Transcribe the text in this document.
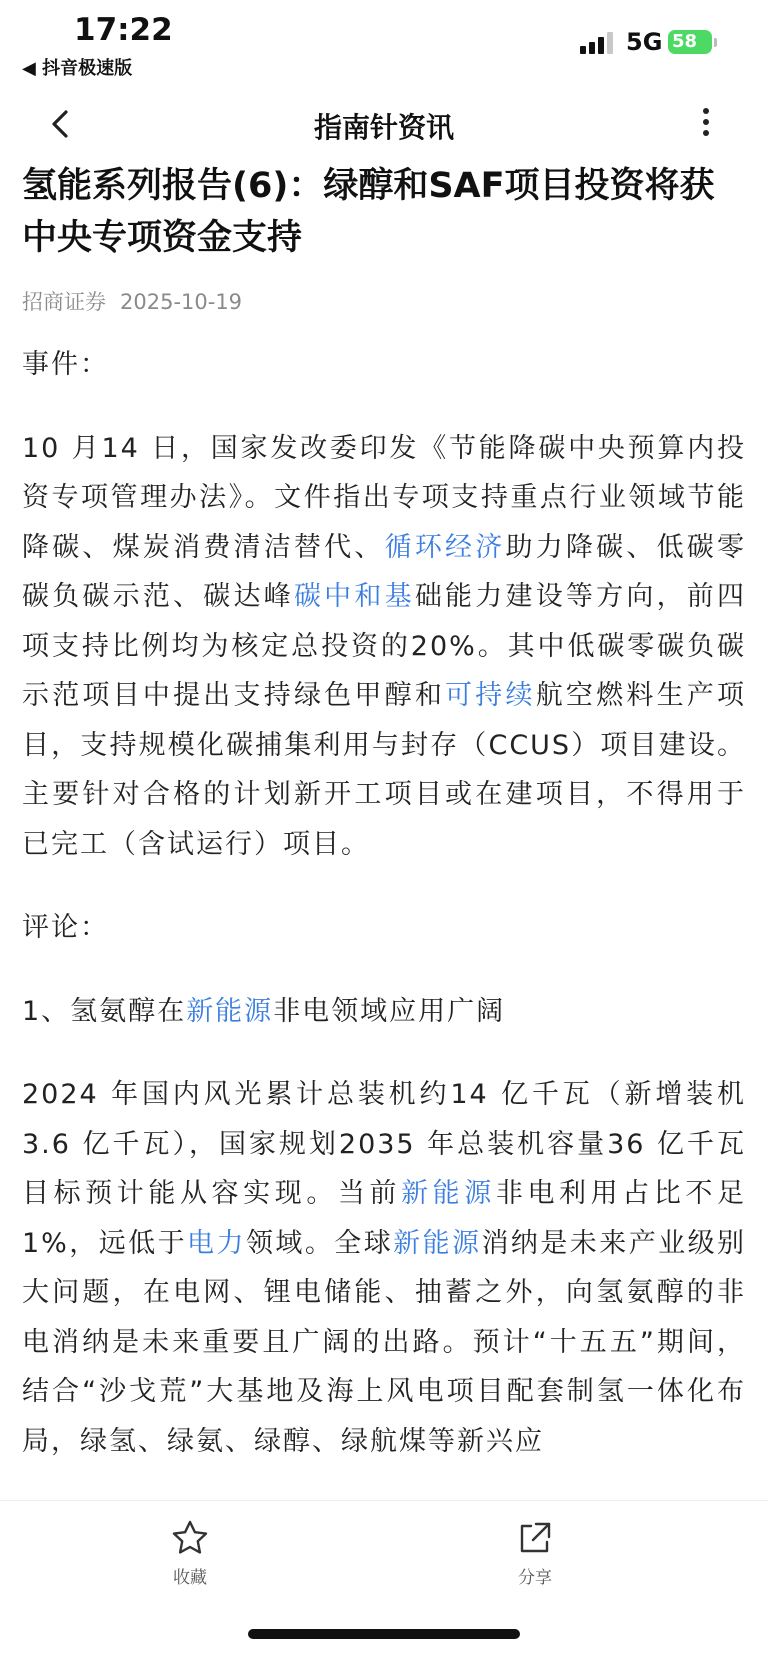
17:22
◀ 抖音极速版
5G 58
指南针资讯
氢能系列报告(6)：绿醇和SAF项目投资将获中央专项资金支持
招商证券 2025-10-19

事件：

10 月14 日，国家发改委印发《节能降碳中央预算内投资专项管理办法》。文件指出专项支持重点行业领域节能降碳、煤炭消费清洁替代、循环经济助力降碳、低碳零碳负碳示范、碳达峰碳中和基础能力建设等方向，前四项支持比例均为核定总投资的20%。其中低碳零碳负碳示范项目中提出支持绿色甲醇和可持续航空燃料生产项目，支持规模化碳捕集利用与封存（CCUS）项目建设。主要针对合格的计划新开工项目或在建项目，不得用于已完工（含试运行）项目。

评论：

1、氢氨醇在新能源非电领域应用广阔

2024 年国内风光累计总装机约14 亿千瓦（新增装机3.6 亿千瓦），国家规划2035 年总装机容量36 亿千瓦目标预计能从容实现。当前新能源非电利用占比不足1%，远低于电力领域。全球新能源消纳是未来产业级别大问题，在电网、锂电储能、抽蓄之外，向氢氨醇的非电消纳是未来重要且广阔的出路。预计“十五五”期间，结合“沙戈荒”大基地及海上风电项目配套制氢一体化布局，绿氢、绿氨、绿醇、绿航煤等新兴应

收藏	分享
